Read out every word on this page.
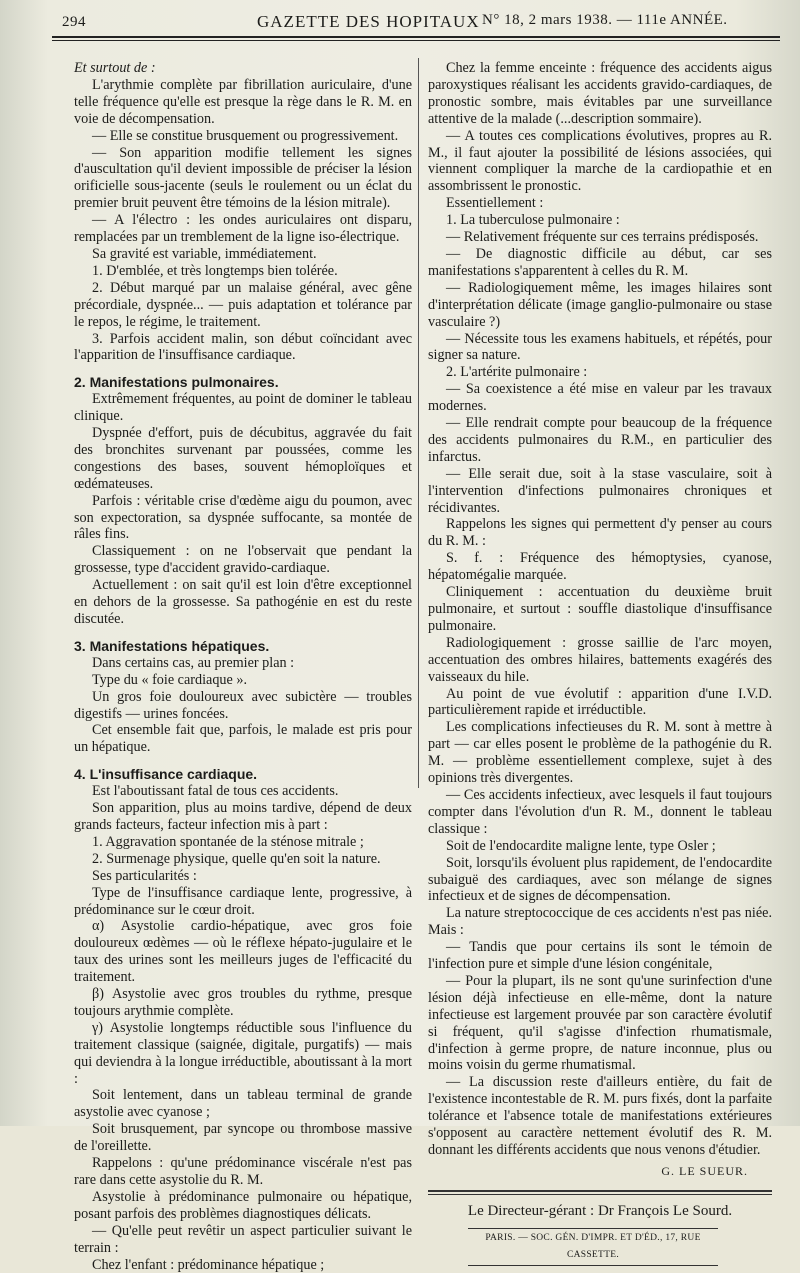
294	GAZETTE DES HOPITAUX N° 18, 2 mars 1938. — 111e ANNÉE.

Et surtout de :

L'arythmie complète par fibrillation auriculaire, d'une telle fréquence qu'elle est presque la rège dans le R. M. en voie de décompensation.

— Elle se constitue brusquement ou progressivement.

— Son apparition modifie tellement les signes d'auscultation qu'il devient impossible de préciser la lésion orificielle sous-jacente (seuls le roulement ou un éclat du premier bruit peuvent être témoins de la lésion mitrale).

— A l'électro : les ondes auriculaires ont disparu, remplacées par un tremblement de la ligne iso-électrique.

Sa gravité est variable, immédiatement.

1. D'emblée, et très longtemps bien tolérée.

2. Début marqué par un malaise général, avec gêne précordiale, dyspnée... — puis adaptation et tolérance par le repos, le régime, le traitement.

3. Parfois accident malin, son début coïncidant avec l'apparition de l'insuffisance cardiaque.

2. Manifestations pulmonaires.

Extrêmement fréquentes, au point de dominer le tableau clinique.

Dyspnée d'effort, puis de décubitus, aggravée du fait des bronchites survenant par poussées, comme les congestions des bases, souvent hémoploïques et œdémateuses.

Parfois : véritable crise d'œdème aigu du poumon, avec son expectoration, sa dyspnée suffocante, sa montée de râles fins.

Classiquement : on ne l'observait que pendant la grossesse, type d'accident gravido-cardiaque.

Actuellement : on sait qu'il est loin d'être exceptionnel en dehors de la grossesse. Sa pathogénie en est du reste discutée.

3. Manifestations hépatiques.

Dans certains cas, au premier plan :

Type du « foie cardiaque ».

Un gros foie douloureux avec subictère — troubles digestifs — urines foncées.

Cet ensemble fait que, parfois, le malade est pris pour un hépatique.

4. L'insuffisance cardiaque.

Est l'aboutissant fatal de tous ces accidents.

Son apparition, plus au moins tardive, dépend de deux grands facteurs, facteur infection mis à part :

1. Aggravation spontanée de la sténose mitrale ;

2. Surmenage physique, quelle qu'en soit la nature.

Ses particularités :

Type de l'insuffisance cardiaque lente, progressive, à prédominance sur le cœur droit.

α) Asystolie cardio-hépatique, avec gros foie douloureux œdèmes — où le réflexe hépato-jugulaire et le taux des urines sont les meilleurs juges de l'efficacité du traitement.

β) Asystolie avec gros troubles du rythme, presque toujours arythmie complète.

γ) Asystolie longtemps réductible sous l'influence du traitement classique (saignée, digitale, purgatifs) — mais qui deviendra à la longue irréductible, aboutissant à la mort :

Soit lentement, dans un tableau terminal de grande asystolie avec cyanose ;

Soit brusquement, par syncope ou thrombose massive de l'oreillette.

Rappelons : qu'une prédominance viscérale n'est pas rare dans cette asystolie du R. M.

Asystolie à prédominance pulmonaire ou hépatique, posant parfois des problèmes diagnostiques délicats.

— Qu'elle peut revêtir un aspect particulier suivant le terrain :

Chez l'enfant : prédominance hépatique ;

Chez la femme enceinte : fréquence des accidents aigus paroxystiques réalisant les accidents gravido-cardiaques, de pronostic sombre, mais évitables par une surveillance attentive de la malade (...description sommaire).

— A toutes ces complications évolutives, propres au R. M., il faut ajouter la possibilité de lésions associées, qui viennent compliquer la marche de la cardiopathie et en assombrissent le pronostic.

Essentiellement :

1. La tuberculose pulmonaire :

— Relativement fréquente sur ces terrains prédisposés.

— De diagnostic difficile au début, car ses manifestations s'apparentent à celles du R. M.

— Radiologiquement même, les images hilaires sont d'interprétation délicate (image ganglio-pulmonaire ou stase vasculaire ?)

— Nécessite tous les examens habituels, et répétés, pour signer sa nature.

2. L'artérite pulmonaire :

— Sa coexistence a été mise en valeur par les travaux modernes.

— Elle rendrait compte pour beaucoup de la fréquence des accidents pulmonaires du R.M., en particulier des infarctus.

— Elle serait due, soit à la stase vasculaire, soit à l'intervention d'infections pulmonaires chroniques et récidivantes.

Rappelons les signes qui permettent d'y penser au cours du R. M. :

S. f. : Fréquence des hémoptysies, cyanose, hépatomégalie marquée.

Cliniquement : accentuation du deuxième bruit pulmonaire, et surtout : souffle diastolique d'insuffisance pulmonaire.

Radiologiquement : grosse saillie de l'arc moyen, accentuation des ombres hilaires, battements exagérés des vaisseaux du hile.

Au point de vue évolutif : apparition d'une I.V.D. particulièrement rapide et irréductible.

Les complications infectieuses du R. M. sont à mettre à part — car elles posent le problème de la pathogénie du R. M. — problème essentiellement complexe, sujet à des opinions très divergentes.

— Ces accidents infectieux, avec lesquels il faut toujours compter dans l'évolution d'un R. M., donnent le tableau classique :

Soit de l'endocardite maligne lente, type Osler ;

Soit, lorsqu'ils évoluent plus rapidement, de l'endocardite subaiguë des cardiaques, avec son mélange de signes infectieux et de signes de décompensation.

La nature streptococcique de ces accidents n'est pas niée. Mais :

— Tandis que pour certains ils sont le témoin de l'infection pure et simple d'une lésion congénitale,

— Pour la plupart, ils ne sont qu'une surinfection d'une lésion déjà infectieuse en elle-même, dont la nature infectieuse est largement prouvée par son caractère évolutif si fréquent, qu'il s'agisse d'infection rhumatismale, d'infection à germe propre, de nature inconnue, plus ou moins voisin du germe rhumatismal.

— La discussion reste d'ailleurs entière, du fait de l'existence incontestable de R. M. purs fixés, dont la parfaite tolérance et l'absence totale de manifestations extérieures s'opposent au caractère nettement évolutif des R. M. donnant les différents accidents que nous venons d'étudier.

G. LE SUEUR.

Le Directeur-gérant : Dr François Le Sourd.

PARIS. — SOC. GÉN. D'IMPR. ET D'ÉD., 17, RUE CASSETTE.
